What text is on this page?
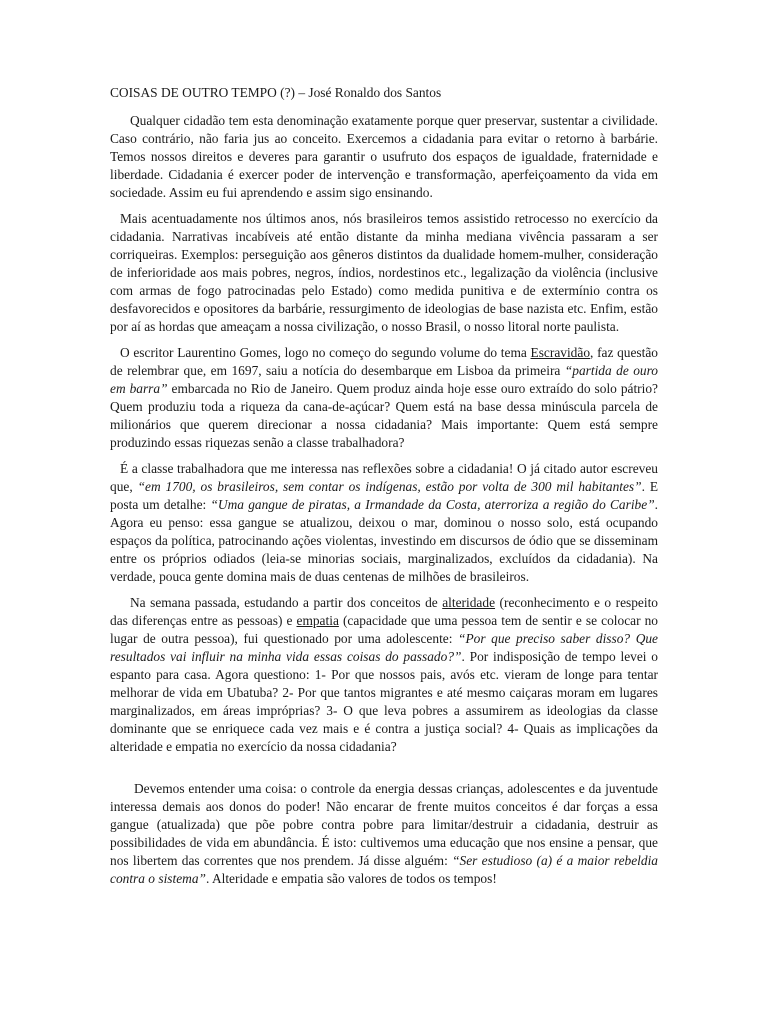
COISAS DE OUTRO TEMPO (?) – José Ronaldo dos Santos

Qualquer cidadão tem esta denominação exatamente porque quer preservar, sustentar a civilidade. Caso contrário, não faria jus ao conceito. Exercemos a cidadania para evitar o retorno à barbárie. Temos nossos direitos e deveres para garantir o usufruto dos espaços de igualdade, fraternidade e liberdade. Cidadania é exercer poder de intervenção e transformação, aperfeiçoamento da vida em sociedade. Assim eu fui aprendendo e assim sigo ensinando.

Mais acentuadamente nos últimos anos, nós brasileiros temos assistido retrocesso no exercício da cidadania. Narrativas incabíveis até então distante da minha mediana vivência passaram a ser corriqueiras. Exemplos: perseguição aos gêneros distintos da dualidade homem-mulher, consideração de inferioridade aos mais pobres, negros, índios, nordestinos etc., legalização da violência (inclusive com armas de fogo patrocinadas pelo Estado) como medida punitiva e de extermínio contra os desfavorecidos e opositores da barbárie, ressurgimento de ideologias de base nazista etc. Enfim, estão por aí as hordas que ameaçam a nossa civilização, o nosso Brasil, o nosso litoral norte paulista.

O escritor Laurentino Gomes, logo no começo do segundo volume do tema Escravidão, faz questão de relembrar que, em 1697, saiu a notícia do desembarque em Lisboa da primeira “partida de ouro em barra” embarcada no Rio de Janeiro. Quem produz ainda hoje esse ouro extraído do solo pátrio? Quem produziu toda a riqueza da cana-de-açúcar? Quem está na base dessa minúscula parcela de milionários que querem direcionar a nossa cidadania? Mais importante: Quem está sempre produzindo essas riquezas senão a classe trabalhadora?

É a classe trabalhadora que me interessa nas reflexões sobre a cidadania! O já citado autor escreveu que, “em 1700, os brasileiros, sem contar os indígenas, estão por volta de 300 mil habitantes”. E posta um detalhe: “Uma gangue de piratas, a Irmandade da Costa, aterroriza a região do Caribe”. Agora eu penso: essa gangue se atualizou, deixou o mar, dominou o nosso solo, está ocupando espaços da política, patrocinando ações violentas, investindo em discursos de ódio que se disseminam entre os próprios odiados (leia-se minorias sociais, marginalizados, excluídos da cidadania). Na verdade, pouca gente domina mais de duas centenas de milhões de brasileiros.

Na semana passada, estudando a partir dos conceitos de alteridade (reconhecimento e o respeito das diferenças entre as pessoas) e empatia (capacidade que uma pessoa tem de sentir e se colocar no lugar de outra pessoa), fui questionado por uma adolescente: “Por que preciso saber disso? Que resultados vai influir na minha vida essas coisas do passado?”. Por indisposição de tempo levei o espanto para casa. Agora questiono: 1- Por que nossos pais, avós etc. vieram de longe para tentar melhorar de vida em Ubatuba? 2- Por que tantos migrantes e até mesmo caiçaras moram em lugares marginalizados, em áreas impróprias? 3- O que leva pobres a assumirem as ideologias da classe dominante que se enriquece cada vez mais e é contra a justiça social? 4- Quais as implicações da alteridade e empatia no exercício da nossa cidadania?

Devemos entender uma coisa: o controle da energia dessas crianças, adolescentes e da juventude interessa demais aos donos do poder! Não encarar de frente muitos conceitos é dar forças a essa gangue (atualizada) que põe pobre contra pobre para limitar/destruir a cidadania, destruir as possibilidades de vida em abundância. É isto: cultivemos uma educação que nos ensine a pensar, que nos libertem das correntes que nos prendem. Já disse alguém: “Ser estudioso (a) é a maior rebeldia contra o sistema”. Alteridade e empatia são valores de todos os tempos!
